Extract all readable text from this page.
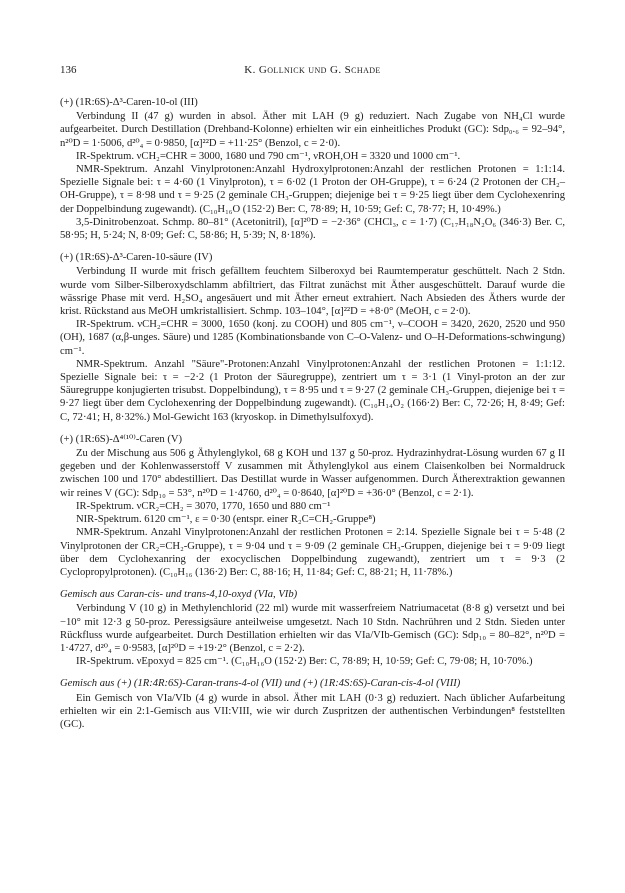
136	K. Gollnick und G. Schade
(+) (1R:6S)-Δ³-Caren-10-ol (III)

Verbindung II (47 g) wurden in absol. Äther mit LAH (9 g) reduziert. Nach Zugabe von NH₄Cl wurde aufgearbeitet. Durch Destillation (Drehband-Kolonne) erhielten wir ein einheitliches Produkt (GC): Sdp₀.₆ = 92–94°, n²⁰D = 1·5006, d²⁰₄ = 0·9850, [α]²²D = +11·25° (Benzol, c = 2·0).

IR-Spektrum. νCH₂=CHR = 3000, 1680 und 790 cm⁻¹, νROH,OH = 3320 und 1000 cm⁻¹.

NMR-Spektrum. Anzahl Vinylprotonen:Anzahl Hydroxylprotonen:Anzahl der restlichen Protonen = 1:1:14. Spezielle Signale bei: τ = 4·60 (1 Vinylproton), τ = 6·02 (1 Proton der OH-Gruppe), τ = 6·24 (2 Protonen der CH₂–OH-Gruppe), τ = 8·98 und τ = 9·25 (2 geminale CH₃-Gruppen; diejenige bei τ = 9·25 liegt über dem Cyclohexenring der Doppelbindung zugewandt). (C₁₀H₁₆O (152·2) Ber: C, 78·89; H, 10·59; Gef: C, 78·77; H, 10·49%.)

3,5-Dinitrobenzoat. Schmp. 80–81° (Acetonitril), [α]²⁰D = −2·36° (CHCl₃, c = 1·7) (C₁₇H₁₈N₂O₆ (346·3) Ber. C, 58·95; H, 5·24; N, 8·09; Gef: C, 58·86; H, 5·39; N, 8·18%).

(+) (1R:6S)-Δ³-Caren-10-säure (IV)

Verbindung II wurde mit frisch gefälltem feuchtem Silberoxyd bei Raumtemperatur geschüttelt. Nach 2 Stdn. wurde vom Silber-Silberoxydschlamm abfiltriert, das Filtrat zunächst mit Äther ausgeschüttelt. Darauf wurde die wässrige Phase mit verd. H₂SO₄ angesäuert und mit Äther erneut extrahiert. Nach Absieden des Äthers wurde der krist. Rückstand aus MeOH umkristallisiert. Schmp. 103–104°, [α]²²D = +8·0° (MeOH, c = 2·0).

IR-Spektrum. νCH₂=CHR = 3000, 1650 (konj. zu COOH) und 805 cm⁻¹, ν–COOH = 3420, 2620, 2520 und 950 (OH), 1687 (α,β-unges. Säure) und 1285 (Kombinationsbande von C–O-Valenz- und O–H-Deformations-schwingung) cm⁻¹.

NMR-Spektrum. Anzahl "Säure"-Protonen:Anzahl Vinylprotonen:Anzahl der restlichen Protonen = 1:1:12. Spezielle Signale bei: τ = −2·2 (1 Proton der Säuregruppe), zentriert um τ = 3·1 (1 Vinyl-proton an der zur Säuregruppe konjugierten trisubst. Doppelbindung), τ = 8·95 und τ = 9·27 (2 geminale CH₃-Gruppen, diejenige bei τ = 9·27 liegt über dem Cyclohexenring der Doppelbindung zugewandt). (C₁₀H₁₄O₂ (166·2) Ber: C, 72·26; H, 8·49; Gef: C, 72·41; H, 8·32%.) Mol-Gewicht 163 (kryoskop. in Dimethylsulfoxyd).

(+) (1R:6S)-Δ⁴⁽¹⁰⁾-Caren (V)

Zu der Mischung aus 506 g Äthylenglykol, 68 g KOH und 137 g 50-proz. Hydrazinhydrat-Lösung wurden 67 g II gegeben und der Kohlenwasserstoff V zusammen mit Äthylenglykol aus einem Claisenkolben bei Normaldruck zwischen 100 und 170° abdestilliert. Das Destillat wurde in Wasser aufgenommen. Durch Ätherextraktion gewannen wir reines V (GC): Sdp₁₀ = 53°, n²⁰D = 1·4760, d²⁰₄ = 0·8640, [α]²⁰D = +36·0° (Benzol, c = 2·1).

IR-Spektrum. νCR₂=CH₂ = 3070, 1770, 1650 und 880 cm⁻¹

NIR-Spektrum. 6120 cm⁻¹, ε = 0·30 (entspr. einer R₂C=CH₂-Gruppe⁸)

NMR-Spektrum. Anzahl Vinylprotonen:Anzahl der restlichen Protonen = 2:14. Spezielle Signale bei τ = 5·48 (2 Vinylprotonen der CR₂=CH₂-Gruppe), τ = 9·04 und τ = 9·09 (2 geminale CH₃-Gruppen, diejenige bei τ = 9·09 liegt über dem Cyclohexanring der exocyclischen Doppelbindung zugewandt), zentriert um τ = 9·3 (2 Cyclopropylprotonen). (C₁₀H₁₆ (136·2) Ber: C, 88·16; H, 11·84; Gef: C, 88·21; H, 11·78%.)

Gemisch aus Caran-cis- und trans-4,10-oxyd (VIa, VIb)

Verbindung V (10 g) in Methylenchlorid (22 ml) wurde mit wasserfreiem Natriumacetat (8·8 g) versetzt und bei −10° mit 12·3 g 50-proz. Peressigsäure anteilweise umgesetzt. Nach 10 Stdn. Nachrühren und 2 Stdn. Sieden unter Rückfluss wurde aufgearbeitet. Durch Destillation erhielten wir das VIa/VIb-Gemisch (GC): Sdp₁₀ = 80–82°, n²⁰D = 1·4727, d²⁰₄ = 0·9583, [α]²⁰D = +19·2° (Benzol, c = 2·2).

IR-Spektrum. νEpoxyd = 825 cm⁻¹. (C₁₀H₁₆O (152·2) Ber: C, 78·89; H, 10·59; Gef: C, 79·08; H, 10·70%.)

Gemisch aus (+) (1R:4R:6S)-Caran-trans-4-ol (VII) und (+) (1R:4S:6S)-Caran-cis-4-ol (VIII)

Ein Gemisch von VIa/VIb (4 g) wurde in absol. Äther mit LAH (0·3 g) reduziert. Nach üblicher Aufarbeitung erhielten wir ein 2:1-Gemisch aus VII:VIII, wie wir durch Zuspritzen der authentischen Verbindungen⁸ feststellten (GC).
